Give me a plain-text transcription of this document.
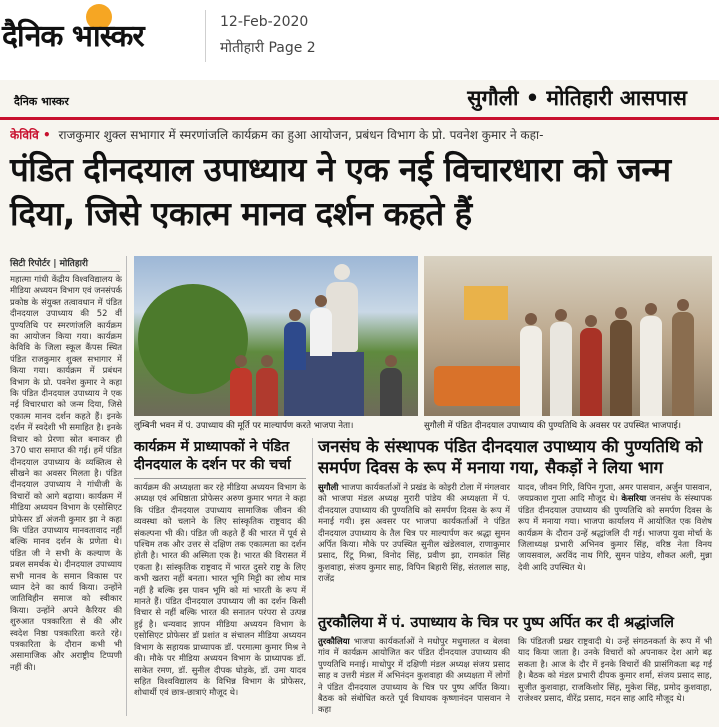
दैनिक भास्कर	12-Feb-2020
मोतीहारी Page 2
दैनिक भास्कर	सुगौली • मोतिहारी आसपास
केविवि • राजकुमार शुक्ल सभागार में स्मरणांजलि कार्यक्रम का हुआ आयोजन, प्रबंधन विभाग के प्रो. पवनेश कुमार ने कहा-
पंडित दीनदयाल उपाध्याय ने एक नई विचारधारा को जन्म दिया, जिसे एकात्म मानव दर्शन कहते हैं
सिटी रिपोर्टर | मोतिहारी
महात्मा गांधी केंद्रीय विश्वविद्यालय के मीडिया अध्ययन विभाग एवं जनसंपर्क प्रकोष्ठ के संयुक्त तत्वावधान में पंडित दीनदयाल उपाध्याय की 52 वीं पुण्यतिथि पर स्मरणांजलि कार्यक्रम का आयोजन किया गया। कार्यक्रम केविवि के जिला स्कूल कैंपस स्थित पंडित राजकुमार शुक्ल सभागार में किया गया। कार्यक्रम में प्रबंधन विभाग के प्रो. पवनेश कुमार ने कहा कि पंडित दीनदयाल उपाध्याय ने एक नई विचारधारा को जन्म दिया, जिसे एकात्म मानव दर्शन कहते हैं। इनके दर्शन में स्वदेशी भी समाहित है। इनके विचार को प्रेरणा स्रोत बनाकर ही 370 धारा समाप्त की गई। हमें पंडित दीनदयाल उपाध्याय के व्यक्तित्व से सीखने का अवसर मिलता है। पंडित दीनदयाल उपाध्याय ने गांधीजी के विचारों को आगे बढ़ाया। कार्यक्रम में मीडिया अध्ययन विभाग के एसोसिएट प्रोफेसर डॉ अंजनी कुमार झा ने कहा कि पंडित उपाध्याय मानवतावाद नहीं बल्कि मानव दर्शन के प्रणेता थे। पंडित जी ने सभी के कल्याण के प्रबल समर्थक थे। दीनदयाल उपाध्याय सभी मानव के समान विकास पर ध्यान देने का कार्य किया। उन्होंने जातिविहीन समाज को स्वीकार किया। उन्होंने अपने कैरियर की शुरुआत पत्रकारिता से की और स्वदेश निष्ठा पत्रकारिता करते रहे। पत्रकारिता के दौरान कभी भी असामाजिक और अराष्ट्रीय टिप्पणी नहीं की।
लुम्बिनी भवन में पं. उपाध्याय की मूर्ति पर माल्यार्पण करते भाजपा नेता।	सुगौली में पंडित दीनदयाल उपाध्याय की पुण्यतिथि के अवसर पर उपस्थित भाजपाई।
कार्यक्रम में प्राध्यापकों ने पंडित दीनदयाल के दर्शन पर की चर्चा
कार्यक्रम की अध्यक्षता कर रहे मीडिया अध्ययन विभाग के अध्यक्ष एवं अधिष्ठाता प्रोफेसर अरुण कुमार भगत ने कहा कि पंडित दीनदयाल उपाध्याय सामाजिक जीवन की व्यवस्था को चलाने के लिए सांस्कृतिक राष्ट्रवाद की संकल्पना भी की। पंडित जी कहते हैं की भारत में पूर्व से पश्चिम तक और उत्तर से दक्षिण तक एकात्मता का दर्शन होती है। भारत की अस्मिता एक है। भारत की विरासत में एकता है। सांस्कृतिक राष्ट्रवाद में भारत दुसरे राष्ट्र के लिए कभी खतरा नहीं बनता। भारत भूमि मिट्टी का लोथ मात्र नहीं है बल्कि इस पावन भूमि को मां भारती के रूप में मानते हैं। पंडित दीनदयाल उपाध्याय जी का दर्शन किसी विचार से नहीं बल्कि भारत की सनातन परंपरा से उत्पन्न हुई है। धन्यवाद ज्ञापन मीडिया अध्ययन विभाग के एसोसिएट प्रोफेसर डॉ प्रशांत व संचालन मीडिया अध्ययन विभाग के सहायक प्राध्यापक डॉ. परमात्मा कुमार मिश्र ने की। मौके पर मीडिया अध्ययन विभाग के प्राध्यापक डॉ. साकेत रमण, डॉ. सुनील दीपक घोड़के, डॉ. उमा यादव सहित विश्वविद्यालय के विभिन्न विभाग के प्रोफेसर, शोधार्थी एवं छात्र-छात्राएं मौजूद थे।
जनसंघ के संस्थापक पंडित दीनदयाल उपाध्याय की पुण्यतिथि को समर्पण दिवस के रूप में मनाया गया, सैकड़ों ने लिया भाग
सुगौली भाजपा कार्यकर्ताओं ने प्रखंड के कोइरी टोला में मंगलवार को भाजपा मंडल अध्यक्ष मुरारी पांडेय की अध्यक्षता में पं. दीनदयाल उपाध्याय की पुण्यतिथि को समर्पण दिवस के रूप में मनाई गयी। इस अवसर पर भाजपा कार्यकर्ताओं ने पंडित दीनदयाल उपाध्याय के तैल चित्र पर माल्यार्पण कर श्रद्धा सुमन अर्पित किया। मौके पर उपस्थित सुनील खंडेलवाल, राणाकुमार प्रसाद, रिंटू मिश्रा, विनोद सिंह, प्रवीण झा, रामकांत सिंह कुशवाहा, संजय कुमार साह, विपिन बिहारी सिंह, संतलाल साह, राजेंद्र
यादव, जीवन गिरि, विपिन गुप्ता, अमर पासवान, अर्जुन पासवान, जयप्रकाश गुप्ता आदि मौजूद थे। केसरिया जनसंघ के संस्थापक पंडित दीनदयाल उपाध्याय की पुण्यतिथि को समर्पण दिवस के रूप में मनाया गया। भाजपा कार्यालय में आयोजित एक विशेष कार्यक्रम के दौरान उन्हें श्रद्धांजलि दी गई। भाजपा युवा मोर्चा के जिलाध्यक्ष प्रभारी अभिनव कुमार सिंह, वरिष्ठ नेता विनय जायसवाल, अरविंद नाथ गिरि, सुमन पांडेय, शौकत अली, मुन्ना देवी आदि उपस्थित थे।
तुरकौलिया में पं. उपाध्याय के चित्र पर पुष्प अर्पित कर दी श्रद्धांजलि
तुरकौलिया भाजपा कार्यकर्ताओं ने मधोपुर मधुमालत व बेलवा गांव में कार्यक्रम आयोजित कर पंडित दीनदयाल उपाध्याय की पुण्यतिथि मनाई। माधोपुर में दक्षिणी मंडल अध्यक्ष संजय प्रसाद साह व उत्तरी मंडल में अभिनंदन कुशवाहा की अध्यक्षता में लोगों ने पंडित दीनदयाल उपाध्याय के चित्र पर पुष्प अर्पित किया। बैठक को संबोधित करते पूर्व विधायक कृष्णानंदन पासवान ने कहा
कि पंडितजी प्रखर राष्ट्रवादी थे। उन्हें संगठनकर्ता के रूप में भी याद किया जाता है। उनके विचारों को अपनाकर देश आगे बढ़ सकता है। आज के दौर में इनके विचारों की प्रासंगिकता बढ़ गई है। बैठक को मंडल प्रभारी दीपक कुमार शर्मा, संजय प्रसाद साह, सुजीत कुशवाहा, राजकिशोर सिंह, मुकेश सिंह, प्रमोद कुशवाहा, राजेश्वर प्रसाद, वीरेंद्र प्रसाद, मदन साह आदि मौजूद थे।
